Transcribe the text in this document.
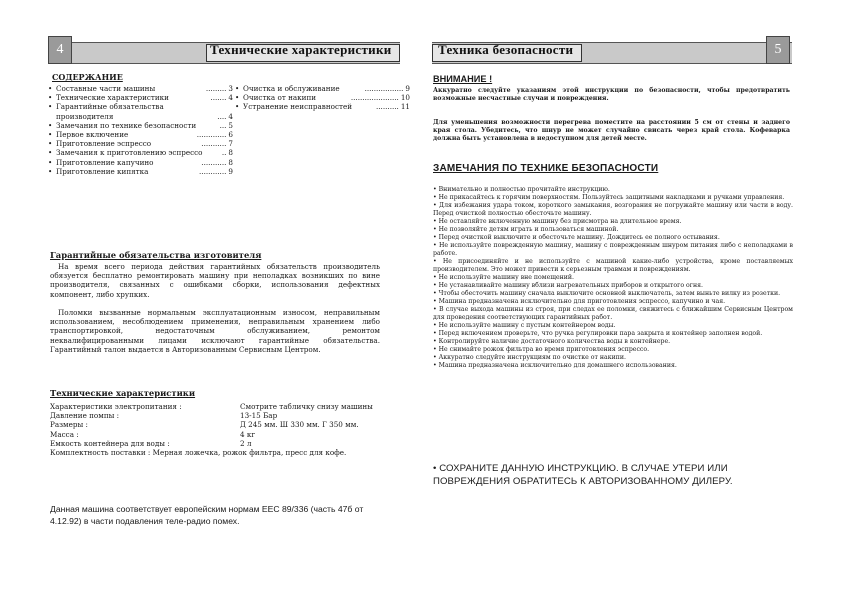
4	Технические характеристики
СОДЕРЖАНИЕ
• Составные части машины	......... 3
• Технические характеристики	....... 4
• Гарантийные обязательства производителя	.... 4
• Замечания по технике безопасности	... 5
• Первое включение	............. 6
• Приготовление эспрессо	........... 7
• Замечания к приготовлению эспрессо	.. 8
• Приготовление капучино	........... 8
• Приготовление кипятка	............ 9
• Очистка и обслуживание	................. 9
• Очистка от накипи	..................... 10
• Устранение неисправностей	.......... 11
Гарантийные обязательства изготовителя
На время всего периода действия гарантийных обязательств производитель обязуется бесплатно ремонтировать машину при неполадках возникших по вине производителя, связанных с ошибками сборки, использования дефектных компонент, либо хрупких.
Поломки вызванные нормальным эксплуатационным износом, неправильным использованием, несоблюдением применения, неправильным хранением либо транспортировкой, недостаточным обслуживанием, ремонтом неквалифицированными лицами исключают гарантийные обязательства. Гарантийный талон выдается в Авторизованным Сервисным Центром.
Технические характеристики
Характеристики электропитания :	Смотрите табличку снизу машины
Давление помпы :	13-15 Бар
Размеры :	Д 245 мм. Ш 330 мм. Г 350 мм.
Масса :	4 кг
Емкость контейнера для воды :	2 л
Комплектность поставки : Мерная ложечка, рожок фильтра, пресс для кофе.
Данная машина соответствует европейским нормам ЕЕС 89/336 (часть 47б от 4.12.92) в части подавления теле-радио помех.
Техника безопасности	5
ВНИМАНИЕ !
Аккуратно следуйте указаниям этой инструкции по безопасности, чтобы предотвратить возможные несчастные случаи и повреждения.
Для уменьшения возможности перегрева поместите на расстоянии 5 см от стены и заднего края стола. Убедитесь, что шнур не может случайно свисать через край стола. Кофеварка должна быть установлена в недоступном для детей месте.
ЗАМЕЧАНИЯ ПО ТЕХНИКЕ БЕЗОПАСНОСТИ
• Внимательно и полностью прочитайте инструкцию.
• Не прикасайтесь к горячим поверхностям. Пользуйтесь защитными накладками и ручками управления.
• Для избежания удара током, короткого замыкания, возгорания не погружайте машину или части в воду. Перед очисткой полностью обесточьте машину.
• Не оставляйте включенную машину без присмотра на длительное время.
• Не позволяйте детям играть и пользоваться машиной.
• Перед очисткой выключите и обесточьте машину. Дождитесь ее полного остывания.
• Не используйте поврежденную машину, машину с поврежденным шнуром питания либо с неполадками в работе.
• Не присоединяйте и не используйте с машиной какие-либо устройства, кроме поставляемых производителем. Это может привести к серьезным травмам и повреждениям.
• Не используйте машину вне помещений.
• Не устанавливайте машину вблизи нагревательных приборов и открытого огня.
• Чтобы обесточить машину сначала выключите основной выключатель, затем выньте вилку из розетки.
• Машина предназначена исключительно для приготовления эспрессо, капучино и чая.
• В случае выхода машины из строя, при следах ее поломки, свяжитесь с ближайшим Сервисным Центром для проведения соответствующих гарантийных работ.
• Не используйте машину с пустым контейнером воды.
• Перед включением проверьте, что ручка регулировки пара закрыта и контейнер заполнен водой.
• Контролируйте наличие достаточного количества воды в контейнере.
• Не снимайте рожок фильтра во время приготовления эспрессо.
• Аккуратно следуйте инструкциям по очистке от накипи.
• Машина предназначена исключительно для домашнего использования.
• СОХРАНИТЕ ДАННУЮ ИНСТРУКЦИЮ. В СЛУЧАЕ УТЕРИ ИЛИ ПОВРЕЖДЕНИЯ ОБРАТИТЕСЬ К АВТОРИЗОВАННОМУ ДИЛЕРУ.
